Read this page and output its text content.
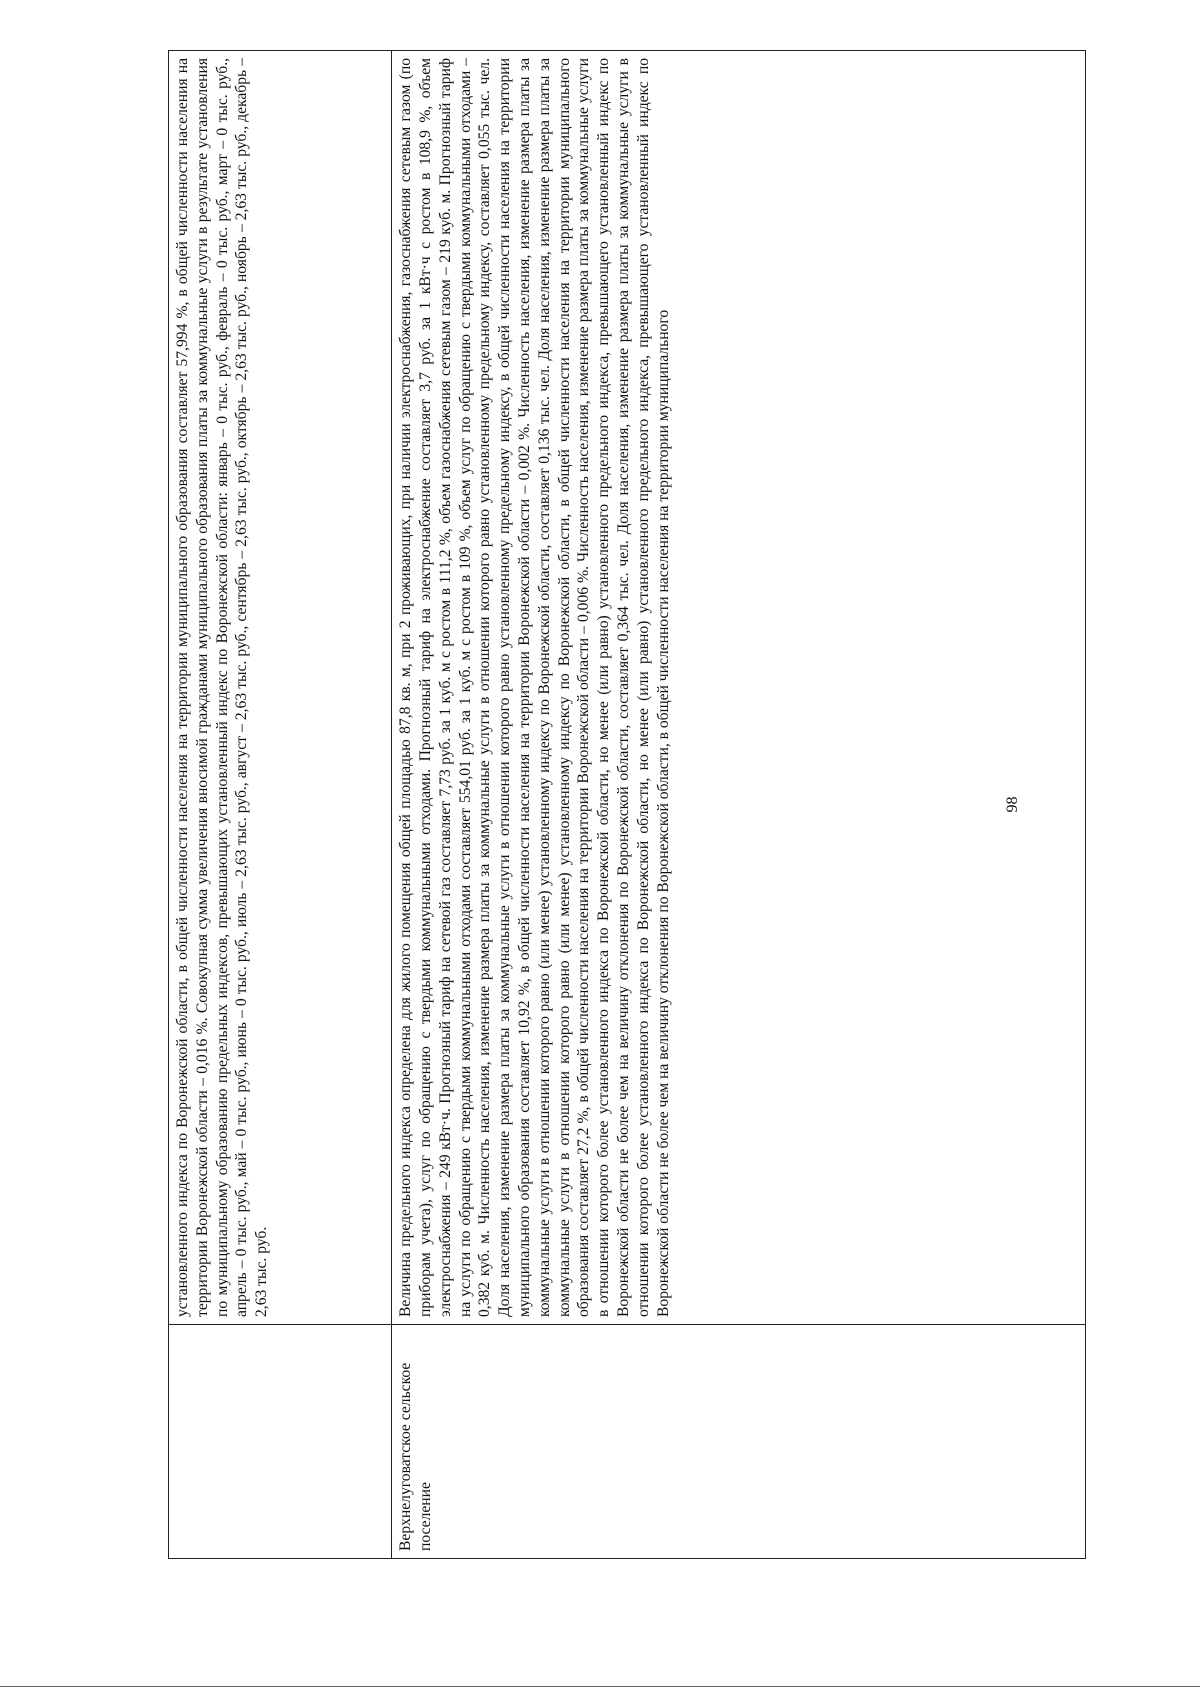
	установленного индекса по Воронежской области, в общей численности населения на территории муниципального образования составляет 57,994 %, в общей численности населения на территории Воронежской области – 0,016 %. Совокупная сумма увеличения вносимой гражданами муниципального образования платы за коммунальные услуги в результате установления по муниципальному образованию предельных индексов, превышающих установленный индекс по Воронежской области: январь – 0 тыс. руб., февраль – 0 тыс. руб., март – 0 тыс. руб., апрель – 0 тыс. руб., май – 0 тыс. руб., июнь – 0 тыс. руб., июль – 2,63 тыс. руб., август – 2,63 тыс. руб., сентябрь – 2,63 тыс. руб., октябрь – 2,63 тыс. руб., ноябрь – 2,63 тыс. руб., декабрь – 2,63 тыс. руб.

Верхнелуговатское сельское поселение	Величина предельного индекса определена для жилого помещения общей площадью 87,8 кв. м, при 2 проживающих, при наличии электроснабжения, газоснабжения сетевым газом (по приборам учета), услуг по обращению с твердыми коммунальными отходами. Прогнозный тариф на электроснабжение составляет 3,7 руб. за 1 кВт·ч с ростом в 108,9 %, объем электроснабжения – 249 кВт·ч. Прогнозный тариф на сетевой газ составляет 7,73 руб. за 1 куб. м с ростом в 111,2 %, объем газоснабжения сетевым газом – 219 куб. м. Прогнозный тариф на услуги по обращению с твердыми коммунальными отходами составляет 554,01 руб. за 1 куб. м с ростом в 109 %, объем услуг по обращению с твердыми коммунальными отходами – 0,382 куб. м. Численность населения, изменение размера платы за коммунальные услуги в отношении которого равно установленному предельному индексу, составляет 0,055 тыс. чел. Доля населения, изменение размера платы за коммунальные услуги в отношении которого равно установленному предельному индексу, в общей численности населения на территории муниципального образования составляет 10,92 %, в общей численности населения на территории Воронежской области – 0,002 %. Численность населения, изменение размера платы за коммунальные услуги в отношении которого равно (или менее) установленному индексу по Воронежской области, составляет 0,136 тыс. чел. Доля населения, изменение размера платы за коммунальные услуги в отношении которого равно (или менее) установленному индексу по Воронежской области, в общей численности населения на территории муниципального образования составляет 27,2 %, в общей численности населения на территории Воронежской области – 0,006 %. Численность населения, изменение размера платы за коммунальные услуги в отношении которого более установленного индекса по Воронежской области, но менее (или равно) установленного предельного индекса, превышающего установленный индекс по Воронежской области не более чем на величину отклонения по Воронежской области, составляет 0,364 тыс. чел. Доля населения, изменение размера платы за коммунальные услуги в отношении которого более установленного индекса по Воронежской области, но менее (или равно) установленного предельного индекса, превышающего установленный индекс по Воронежской области не более чем на величину отклонения по Воронежской области, в общей численности населения на территории муниципального	98
